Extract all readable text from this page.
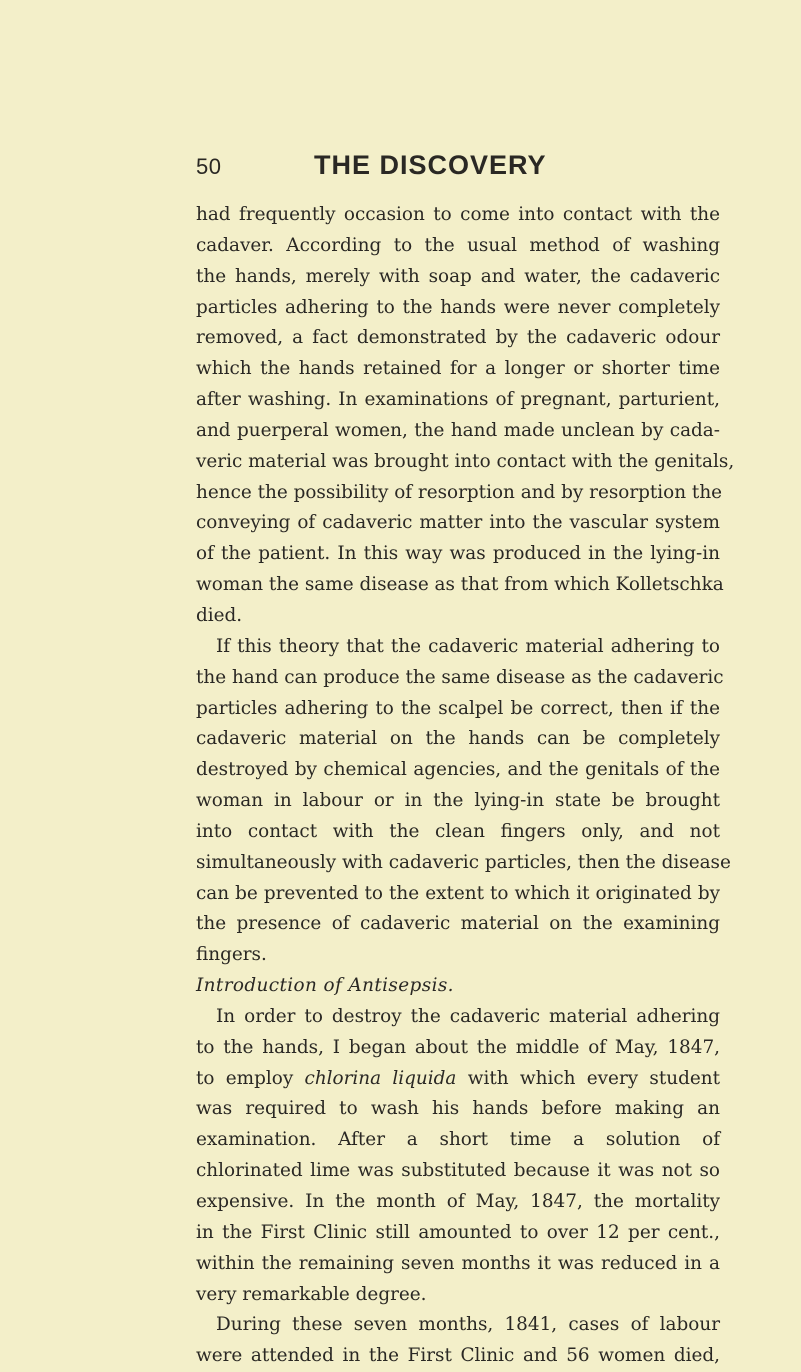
50	THE DISCOVERY
had frequently occasion to come into contact with the
cadaver. According to the usual method of washing
the hands, merely with soap and water, the cadaveric
particles adhering to the hands were never completely
removed, a fact demonstrated by the cadaveric odour
which the hands retained for a longer or shorter time
after washing. In examinations of pregnant, parturient,
and puerperal women, the hand made unclean by cada-
veric material was brought into contact with the genitals,
hence the possibility of resorption and by resorption the
conveying of cadaveric matter into the vascular system
of the patient. In this way was produced in the lying-in
woman the same disease as that from which Kolletschka
died.
If this theory that the cadaveric material adhering to
the hand can produce the same disease as the cadaveric
particles adhering to the scalpel be correct, then if the
cadaveric material on the hands can be completely
destroyed by chemical agencies, and the genitals of the
woman in labour or in the lying-in state be brought
into contact with the clean fingers only, and not
simultaneously with cadaveric particles, then the disease
can be prevented to the extent to which it originated by
the presence of cadaveric material on the examining
fingers.
Introduction of Antisepsis.
In order to destroy the cadaveric material adhering
to the hands, I began about the middle of May, 1847,
to employ chlorina liquida with which every student
was required to wash his hands before making an
examination. After a short time a solution of
chlorinated lime was substituted because it was not so
expensive. In the month of May, 1847, the mortality
in the First Clinic still amounted to over 12 per cent.,
within the remaining seven months it was reduced in a
very remarkable degree.
During these seven months, 1841, cases of labour
were attended in the First Clinic and 56 women died,
